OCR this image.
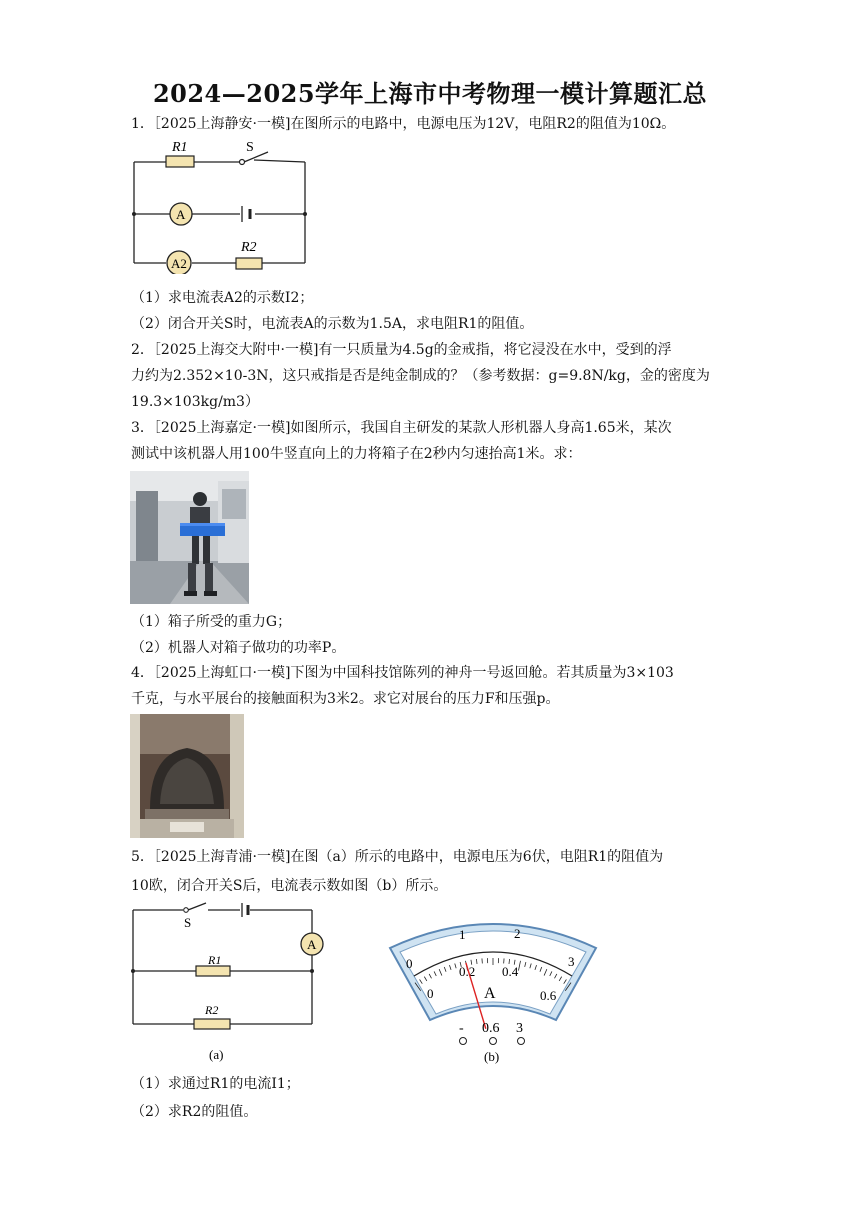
2024—2025学年上海市中考物理一模计算题汇总
1．［2025上海静安·一模]在图所示的电路中，电源电压为12V，电阻R2的阻值为10Ω。
R1	S
A
A2
R2
（1）求电流表A2的示数I2；
（2）闭合开关S时，电流表A的示数为1.5A，求电阻R1的阻值。
2．［2025上海交大附中·一模]有一只质量为4.5g的金戒指，将它浸没在水中，受到的浮
力约为2.352×10-3N，这只戒指是否是纯金制成的？（参考数据：g=9.8N/kg，金的密度为
19.3×103kg/m3）
3．［2025上海嘉定·一模]如图所示，我国自主研发的某款人形机器人身高1.65米，某次
测试中该机器人用100牛竖直向上的力将箱子在2秒内匀速抬高1米。求：
（1）箱子所受的重力G；
（2）机器人对箱子做功的功率P。
4．［2025上海虹口·一模]下图为中国科技馆陈列的神舟一号返回舱。若其质量为3×103
千克，与水平展台的接触面积为3米2。求它对展台的压力F和压强p。
5．［2025上海青浦·一模]在图（a）所示的电路中，电源电压为6伏，电阻R1的阻值为
10欧，闭合开关S后，电流表示数如图（b）所示。
S
A
R1
R2
(a)
0
1	2
3
0
0.2 0.4
0.6
A
- 0.6 3
(b)
（1）求通过R1的电流I1；
（2）求R2的阻值。
